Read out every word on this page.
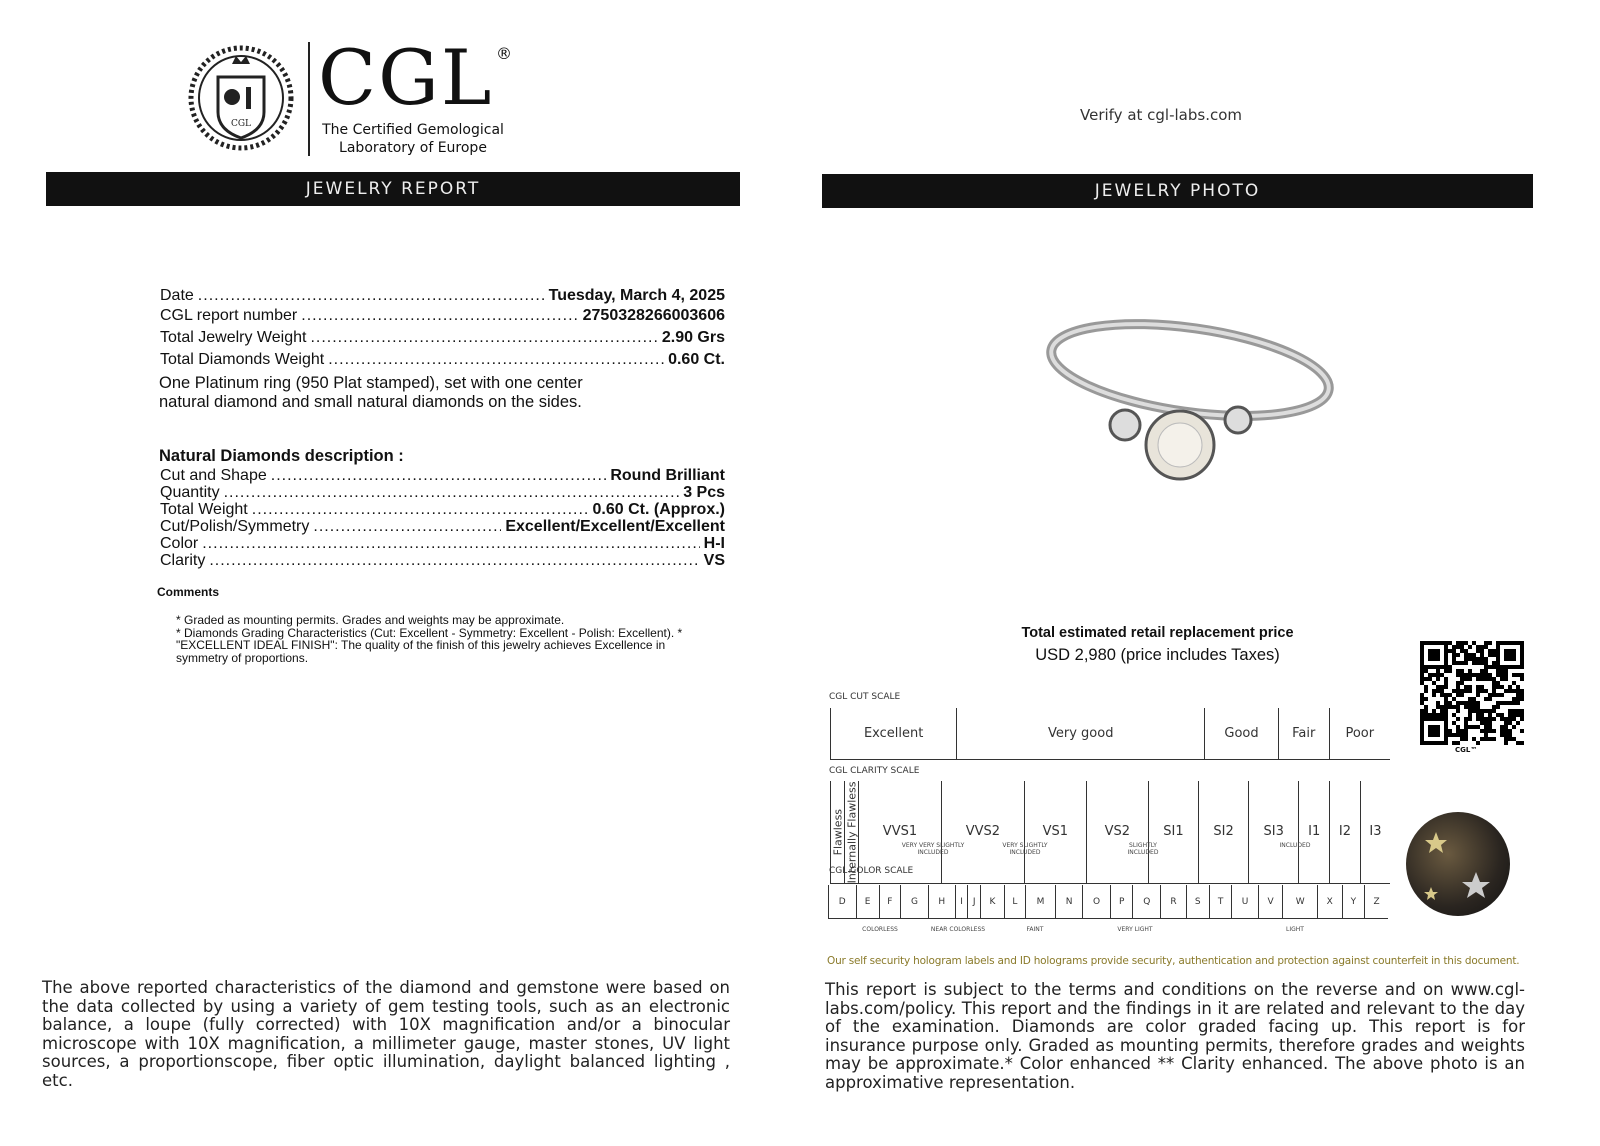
CGL
CGL ®
The Certified Gemological
Laboratory of Europe
JEWELRY REPORT
Date .....	Tuesday, March 4, 2025
CGL report number .....	2750328266003606
Total Jewelry Weight .....	2.90 Grs
Total Diamonds Weight .....	0.60 Ct.
One Platinum ring (950 Plat stamped), set with one center
natural diamond and small natural diamonds on the sides.
Natural Diamonds description :
Cut and Shape .....	Round Brilliant
Quantity .....	3 Pcs
Total Weight .....	0.60 Ct. (Approx.)
Cut/Polish/Symmetry .....	Excellent/Excellent/Excellent
Color .....	H-I
Clarity .....	VS
Comments
* Graded as mounting permits. Grades and weights may be approximate.
* Diamonds Grading Characteristics (Cut: Excellent - Symmetry: Excellent - Polish: Excellent). * "EXCELLENT IDEAL FINISH": The quality of the finish of this jewelry achieves Excellence in symmetry of proportions.
The above reported characteristics of the diamond and gemstone were based on the data collected by using a variety of gem testing tools, such as an electronic balance, a loupe (fully corrected) with 10X magnification and/or a binocular microscope with 10X magnification, a millimeter gauge, master stones, UV light sources, a proportionscope, fiber optic illumination, daylight balanced lighting , etc.
Verify at cgl-labs.com
JEWELRY PHOTO
Total estimated retail replacement price
USD 2,980 (price includes Taxes)
CGL™
CGL CUT SCALE
Excellent	Very good	Good	Fair	Poor
CGL CLARITY SCALE
Flawless	Internally Flawless	VVS1	VVS2	VS1	VS2	SI1	SI2	SI3	I1	I2	I3
VERY VERY SLIGHTLY INCLUDED
VERY SLIGHTLY INCLUDED
SLIGHTLY INCLUDED
INCLUDED
CGL COLOR SCALE
D	E	F	G	H	I	J	K	L	M	N	O	P	Q	R	S	T	U	V	W	X	Y	Z
COLORLESS	NEAR COLORLESS	FAINT	VERY LIGHT	LIGHT
Our self security hologram labels and ID holograms provide security, authentication and protection against counterfeit in this document.
This report is subject to the terms and conditions on the reverse and on www.cgl-labs.com/policy. This report and the findings in it are related and relevant to the day of the examination. Diamonds are color graded facing up. This report is for insurance purpose only. Graded as mounting permits, therefore grades and weights may be approximate.* Color enhanced ** Clarity enhanced. The above photo is an approximative representation.
